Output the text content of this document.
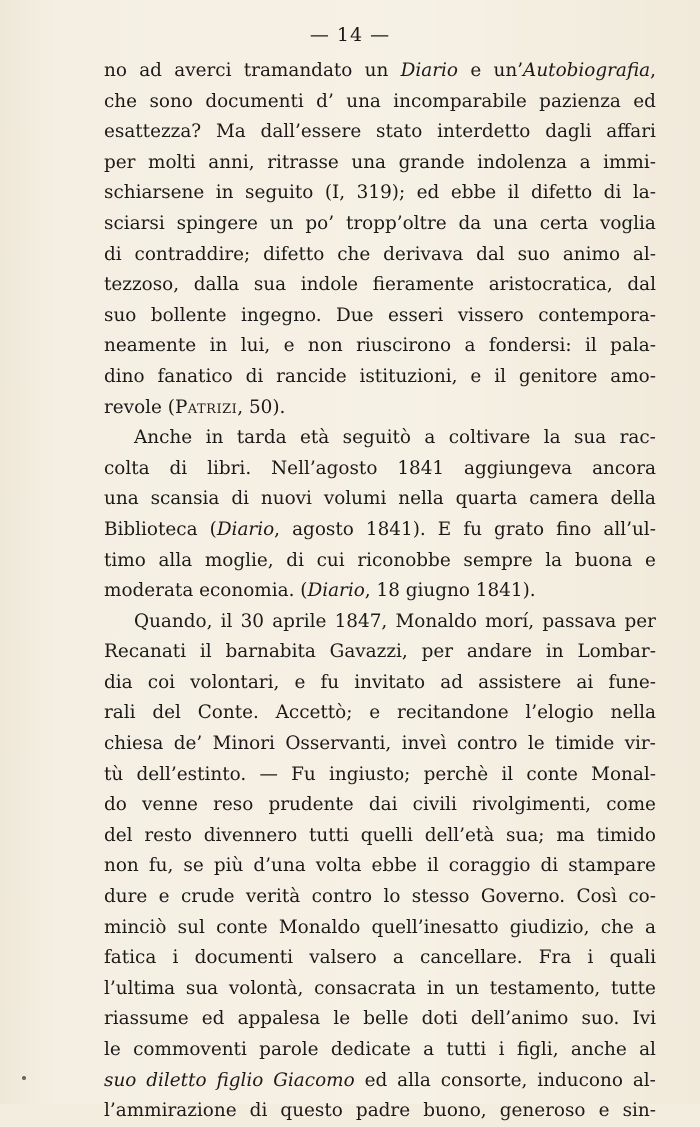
— 14 —
no ad averci tramandato un Diario e un’Autobiografia,
che sono documenti d’ una incomparabile pazienza ed
esattezza? Ma dall’essere stato interdetto dagli affari
per molti anni, ritrasse una grande indolenza a immi-
schiarsene in seguito (I, 319); ed ebbe il difetto di la-
sciarsi spingere un po’ tropp’oltre da una certa voglia
di contraddire; difetto che derivava dal suo animo al-
tezzoso, dalla sua indole fieramente aristocratica, dal
suo bollente ingegno. Due esseri vissero contempora-
neamente in lui, e non riuscirono a fondersi: il pala-
dino fanatico di rancide istituzioni, e il genitore amo-
revole ( Patrizi , 50).
Anche in tarda età seguitò a coltivare la sua rac-
colta di libri. Nell’agosto 1841 aggiungeva ancora
una scansia di nuovi volumi nella quarta camera della
Biblioteca (Diario, agosto 1841). E fu grato fino all’ul-
timo alla moglie, di cui riconobbe sempre la buona e
moderata economia. ( Diario , 18 giugno 1841).
Quando, il 30 aprile 1847, Monaldo morí, passava per
Recanati il barnabita Gavazzi, per andare in Lombar-
dia coi volontari, e fu invitato ad assistere ai fune-
rali del Conte. Accettò; e recitandone l’elogio nella
chiesa de’ Minori Osservanti, inveì contro le timide vir-
tù dell’estinto. — Fu ingiusto; perchè il conte Monal-
do venne reso prudente dai civili rivolgimenti, come
del resto divennero tutti quelli dell’età sua; ma timido
non fu, se più d’una volta ebbe il coraggio di stampare
dure e crude verità contro lo stesso Governo. Così co-
minciò sul conte Monaldo quell’inesatto giudizio, che a
fatica i documenti valsero a cancellare. Fra i quali
l’ultima sua volontà, consacrata in un testamento, tutte
riassume ed appalesa le belle doti dell’animo suo. Ivi
le commoventi parole dedicate a tutti i figli, anche al
suo diletto figlio Giacomo ed alla consorte, inducono al-
l’ammirazione di questo padre buono, generoso e sin-
